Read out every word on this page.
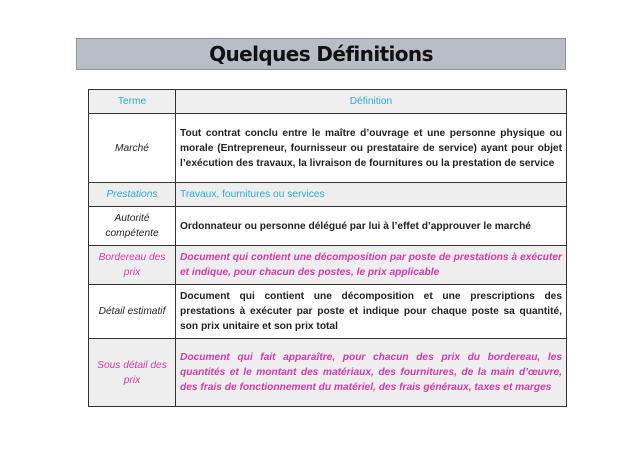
Quelques Définitions
Terme	Définition
Marché	Tout contrat conclu entre le maître d’ouvrage et une personne physique ou morale (Entrepreneur, fournisseur ou prestataire de service) ayant pour objet l’exécution des travaux, la livraison de fournitures ou la prestation de service
Prestations	Travaux, fournitures ou services
Autorité compétente	Ordonnateur ou personne délégué par lui à l’effet d’approuver le marché
Bordereau des prix	Document qui contient une décomposition par poste de prestations à exécuter et indique, pour chacun des postes, le prix applicable
Détail estimatif	Document qui contient une décomposition et une prescriptions des prestations à exécuter par poste et indique pour chaque poste sa quantité, son prix unitaire et son prix total
Sous détail des prix	Document qui fait apparaître, pour chacun des prix du bordereau, les quantités et le montant des matériaux, des fournitures, de la main d’œuvre, des frais de fonctionnement du matériel, des frais généraux, taxes et marges
